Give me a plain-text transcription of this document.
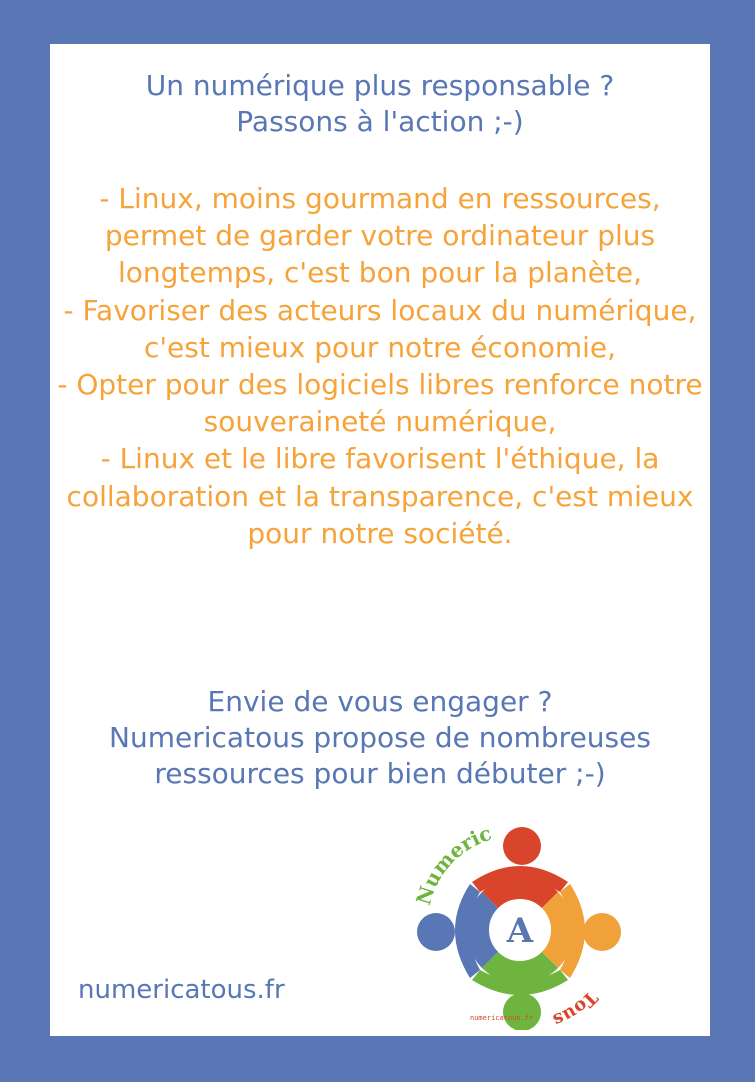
Un numérique plus responsable ?
Passons à l'action ;-)
- Linux, moins gourmand en ressources, permet de garder votre ordinateur plus longtemps, c'est bon pour la planète,
- Favoriser des acteurs locaux du numérique, c'est mieux pour notre économie,
- Opter pour des logiciels libres renforce notre souveraineté numérique,
- Linux et le libre favorisent l'éthique, la collaboration et la transparence, c'est mieux pour notre société.
Envie de vous engager ?
Numericatous propose de nombreuses ressources pour bien débuter ;-)
numericatous.fr
A
Numeric
Tous
numericatous.fr
